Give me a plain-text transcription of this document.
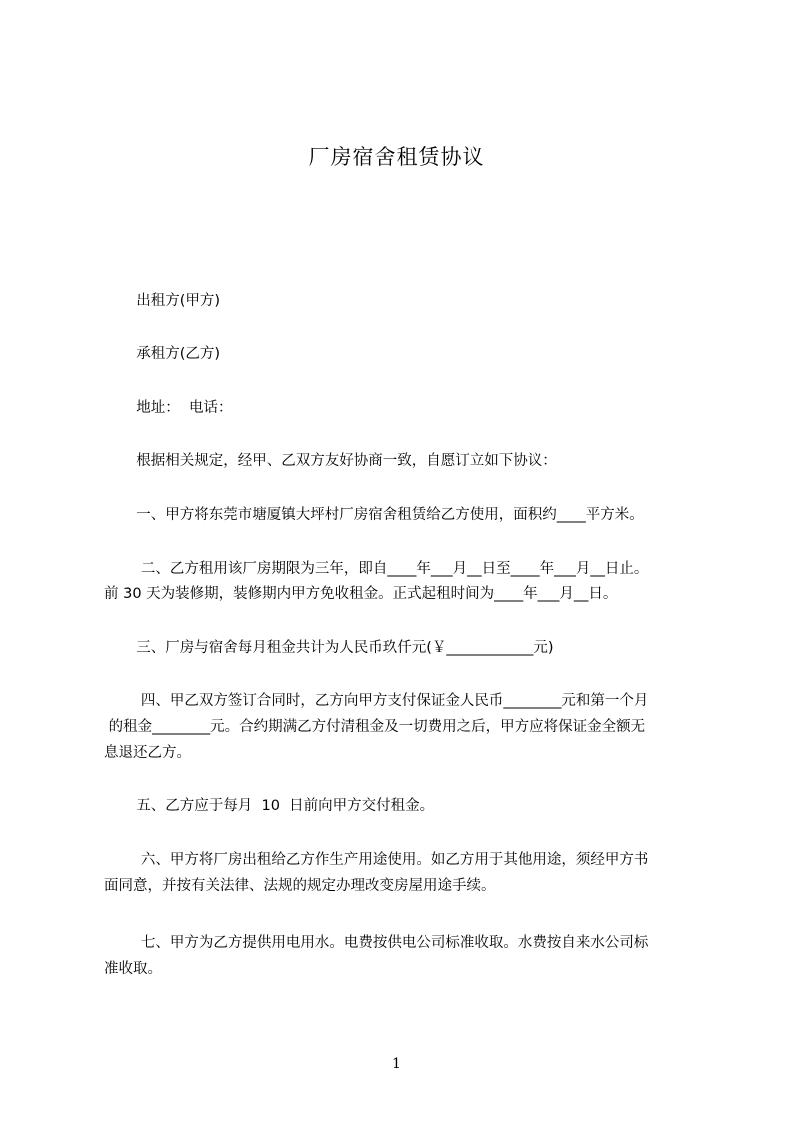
厂房宿舍租赁协议
出租方(甲方)
承租方(乙方)
地址：  电话：
根据相关规定，经甲、乙双方友好协商一致，自愿订立如下协议：
一、甲方将东莞市塘厦镇大坪村厂房宿舍租赁给乙方使用，面积约____平方米。
二、乙方租用该厂房期限为三年，即自____年___月__日至____年___月__日止。
前 30 天为装修期，装修期内甲方免收租金。正式起租时间为____年___月__日。
三、厂房与宿舍每月租金共计为人民币玖仟元(￥____________元)
四、甲乙双方签订合同时，乙方向甲方支付保证金人民币________元和第一个月
的租金________元。合约期满乙方付清租金及一切费用之后，甲方应将保证金全额无
息退还乙方。
五、乙方应于每月  10  日前向甲方交付租金。
六、甲方将厂房出租给乙方作生产用途使用。如乙方用于其他用途，须经甲方书
面同意，并按有关法律、法规的规定办理改变房屋用途手续。
七、甲方为乙方提供用电用水。电费按供电公司标准收取。水费按自来水公司标
准收取。
1
